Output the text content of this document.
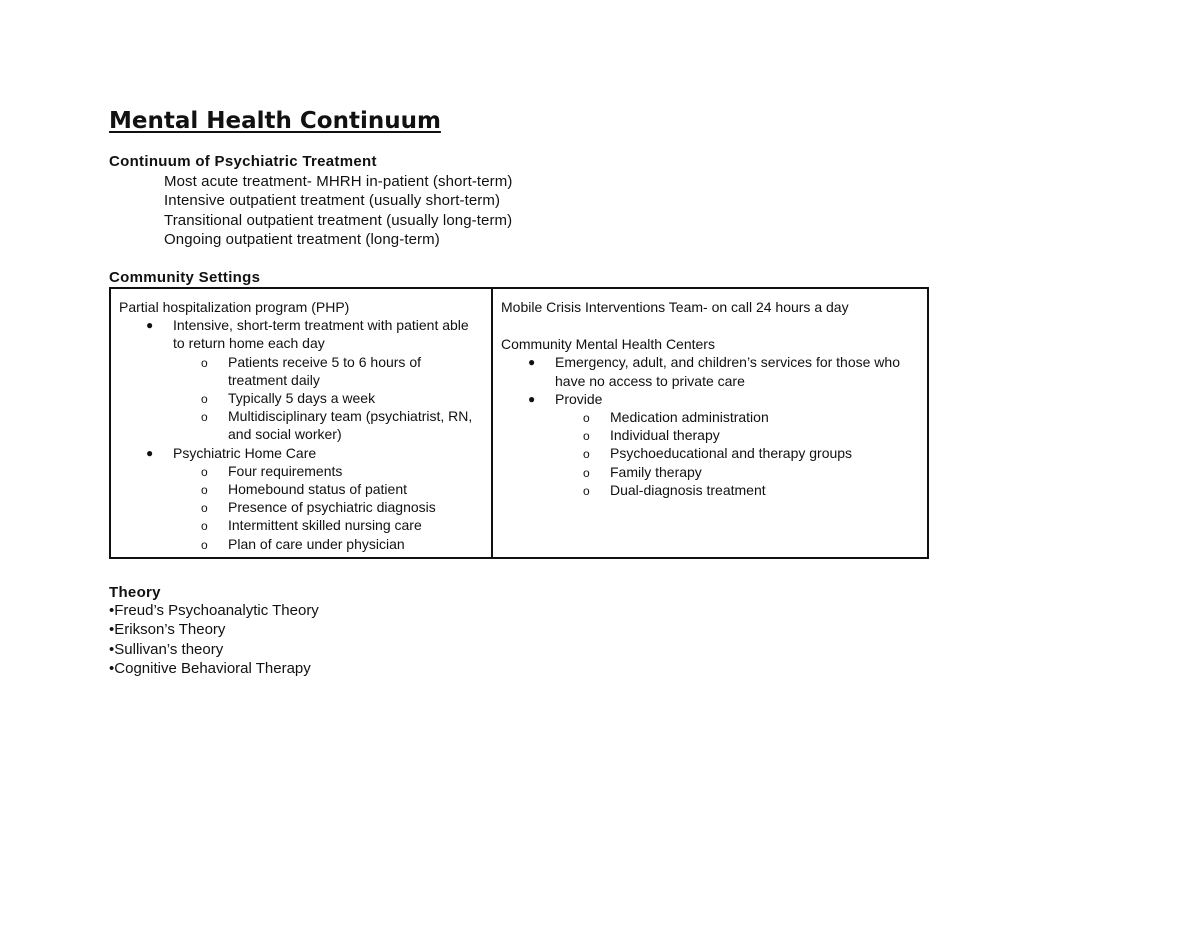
Mental Health Continuum
Continuum of Psychiatric Treatment
Most acute treatment- MHRH in-patient (short-term)
Intensive outpatient treatment (usually short-term)
Transitional outpatient treatment (usually long-term)
Ongoing outpatient treatment (long-term)
Community Settings
Partial hospitalization program (PHP)
● Intensive, short-term treatment with patient able to return home each day
o Patients receive 5 to 6 hours of treatment daily
o Typically 5 days a week
o Multidisciplinary team (psychiatrist, RN, and social worker)
● Psychiatric Home Care
o Four requirements
o Homebound status of patient
o Presence of psychiatric diagnosis
o Intermittent skilled nursing care
o Plan of care under physician
Mobile Crisis Interventions Team- on call 24 hours a day
Community Mental Health Centers
● Emergency, adult, and children’s services for those who have no access to private care
● Provide
o Medication administration
o Individual therapy
o Psychoeducational and therapy groups
o Family therapy
o Dual-diagnosis treatment
Theory
•Freud’s Psychoanalytic Theory
•Erikson’s Theory
•Sullivan’s theory
•Cognitive Behavioral Therapy
